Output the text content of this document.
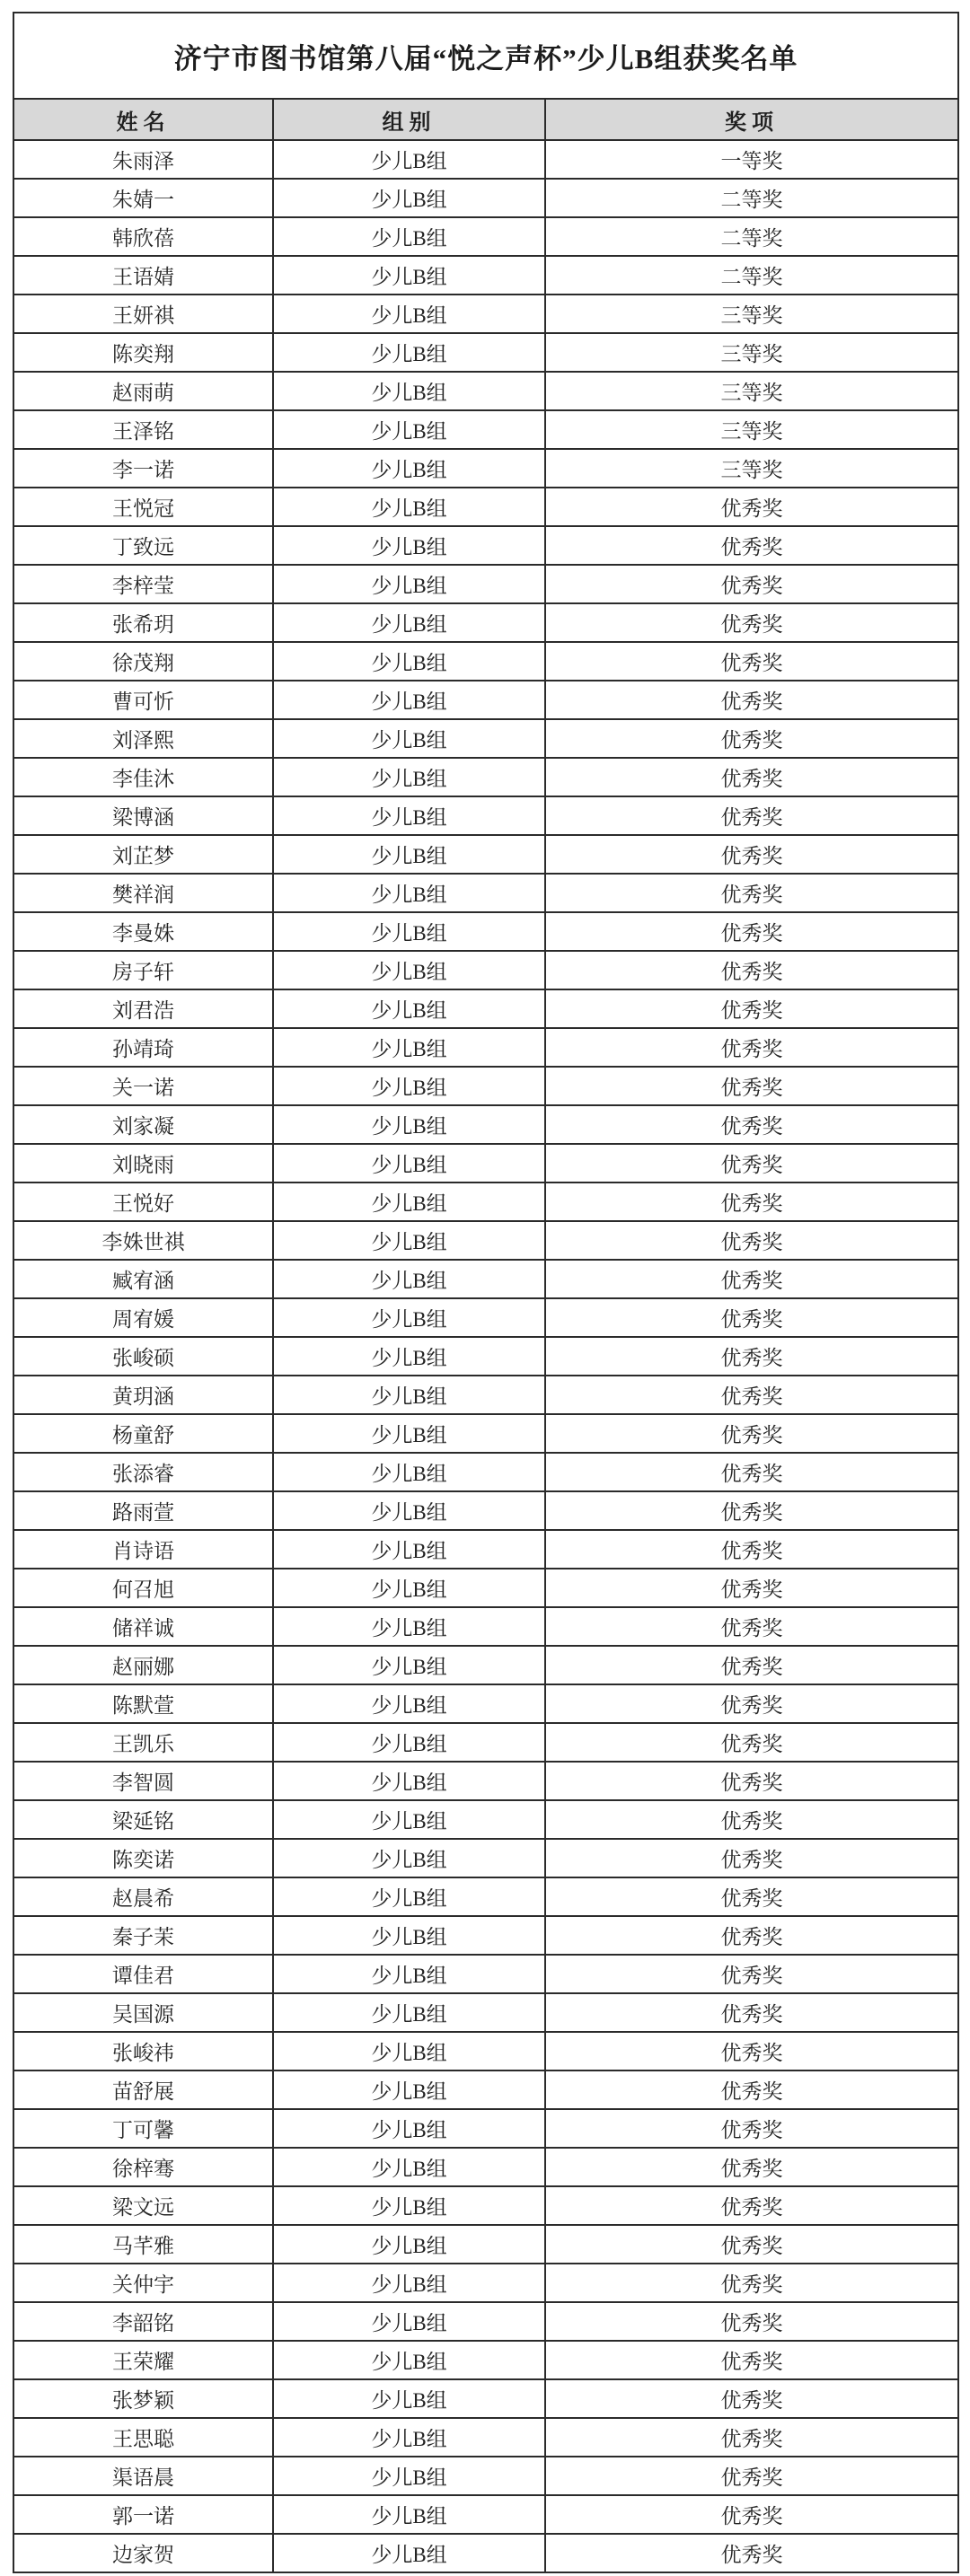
济宁市图书馆第八届“悦之声杯”少儿B组获奖名单		
姓名	组别	奖项
朱雨泽	少儿B组	一等奖
朱婧一	少儿B组	二等奖
韩欣蓓	少儿B组	二等奖
王语婧	少儿B组	二等奖
王妍祺	少儿B组	三等奖
陈奕翔	少儿B组	三等奖
赵雨萌	少儿B组	三等奖
王泽铭	少儿B组	三等奖
李一诺	少儿B组	三等奖
王悦冠	少儿B组	优秀奖
丁致远	少儿B组	优秀奖
李梓莹	少儿B组	优秀奖
张希玥	少儿B组	优秀奖
徐茂翔	少儿B组	优秀奖
曹可忻	少儿B组	优秀奖
刘泽熙	少儿B组	优秀奖
李佳沐	少儿B组	优秀奖
梁博涵	少儿B组	优秀奖
刘芷梦	少儿B组	优秀奖
樊祥润	少儿B组	优秀奖
李曼姝	少儿B组	优秀奖
房子轩	少儿B组	优秀奖
刘君浩	少儿B组	优秀奖
孙靖琦	少儿B组	优秀奖
关一诺	少儿B组	优秀奖
刘家凝	少儿B组	优秀奖
刘晓雨	少儿B组	优秀奖
王悦好	少儿B组	优秀奖
李姝世祺	少儿B组	优秀奖
臧宥涵	少儿B组	优秀奖
周宥媛	少儿B组	优秀奖
张峻硕	少儿B组	优秀奖
黄玥涵	少儿B组	优秀奖
杨童舒	少儿B组	优秀奖
张添睿	少儿B组	优秀奖
路雨萱	少儿B组	优秀奖
肖诗语	少儿B组	优秀奖
何召旭	少儿B组	优秀奖
储祥诚	少儿B组	优秀奖
赵丽娜	少儿B组	优秀奖
陈默萱	少儿B组	优秀奖
王凯乐	少儿B组	优秀奖
李智圆	少儿B组	优秀奖
梁延铭	少儿B组	优秀奖
陈奕诺	少儿B组	优秀奖
赵晨希	少儿B组	优秀奖
秦子茉	少儿B组	优秀奖
谭佳君	少儿B组	优秀奖
吴国源	少儿B组	优秀奖
张峻祎	少儿B组	优秀奖
苗舒展	少儿B组	优秀奖
丁可馨	少儿B组	优秀奖
徐梓骞	少儿B组	优秀奖
梁文远	少儿B组	优秀奖
马芊雅	少儿B组	优秀奖
关仲宇	少儿B组	优秀奖
李韶铭	少儿B组	优秀奖
王荣耀	少儿B组	优秀奖
张梦颖	少儿B组	优秀奖
王思聪	少儿B组	优秀奖
渠语晨	少儿B组	优秀奖
郭一诺	少儿B组	优秀奖
边家贺	少儿B组	优秀奖
